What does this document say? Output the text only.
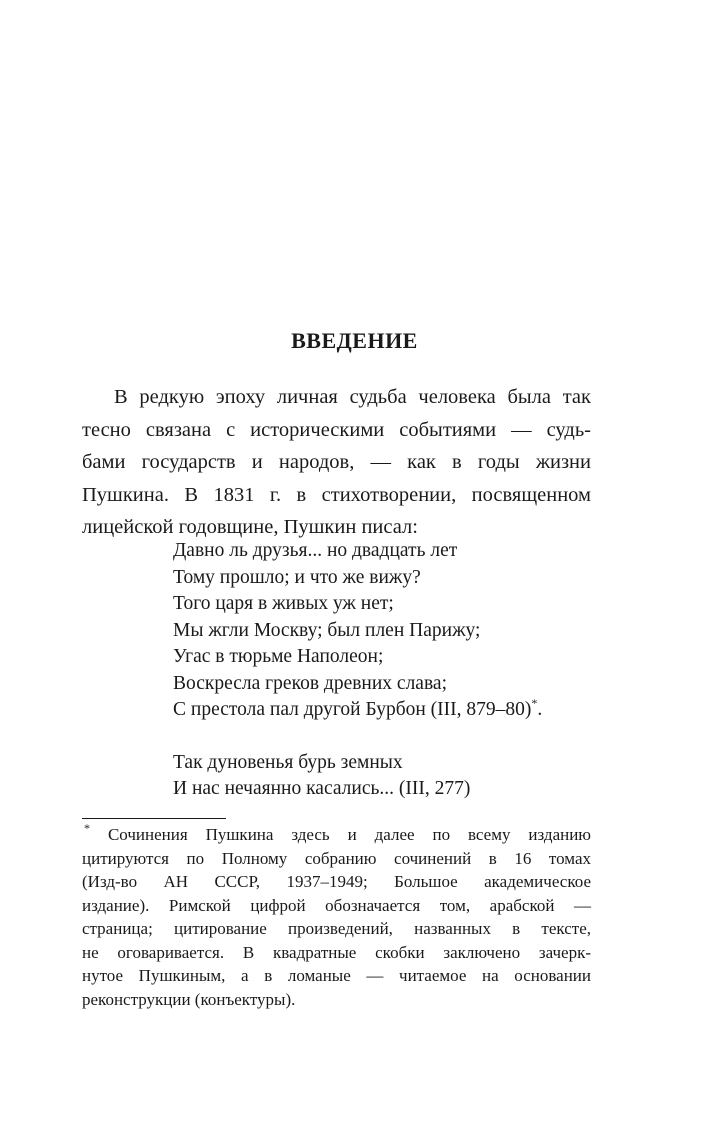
ВВЕДЕНИЕ
В редкую эпоху личная судьба человека была так
тесно связана с историческими событиями — судь-
бами государств и народов, — как в годы жизни
Пушкина. В 1831 г. в стихотворении, посвященном
лицейской годовщине, Пушкин писал:
Давно ль друзья... но двадцать лет
Тому прошло; и что же вижу?
Того царя в живых уж нет;
Мы жгли Москву; был плен Парижу;
Угас в тюрьме Наполеон;
Воскресла греков древних слава;
С престола пал другой Бурбон (III, 879–80)*.
Так дуновенья бурь земных
И нас нечаянно касались... (III, 277)
* Сочинения Пушкина здесь и далее по всему изданию
цитируются по Полному собранию сочинений в 16 томах
(Изд-во АН СССР, 1937–1949; Большое академическое
издание). Римской цифрой обозначается том, арабской —
страница; цитирование произведений, названных в тексте,
не оговаривается. В квадратные скобки заключено зачерк-
нутое Пушкиным, а в ломаные — читаемое на основании
реконструкции (конъектуры).
